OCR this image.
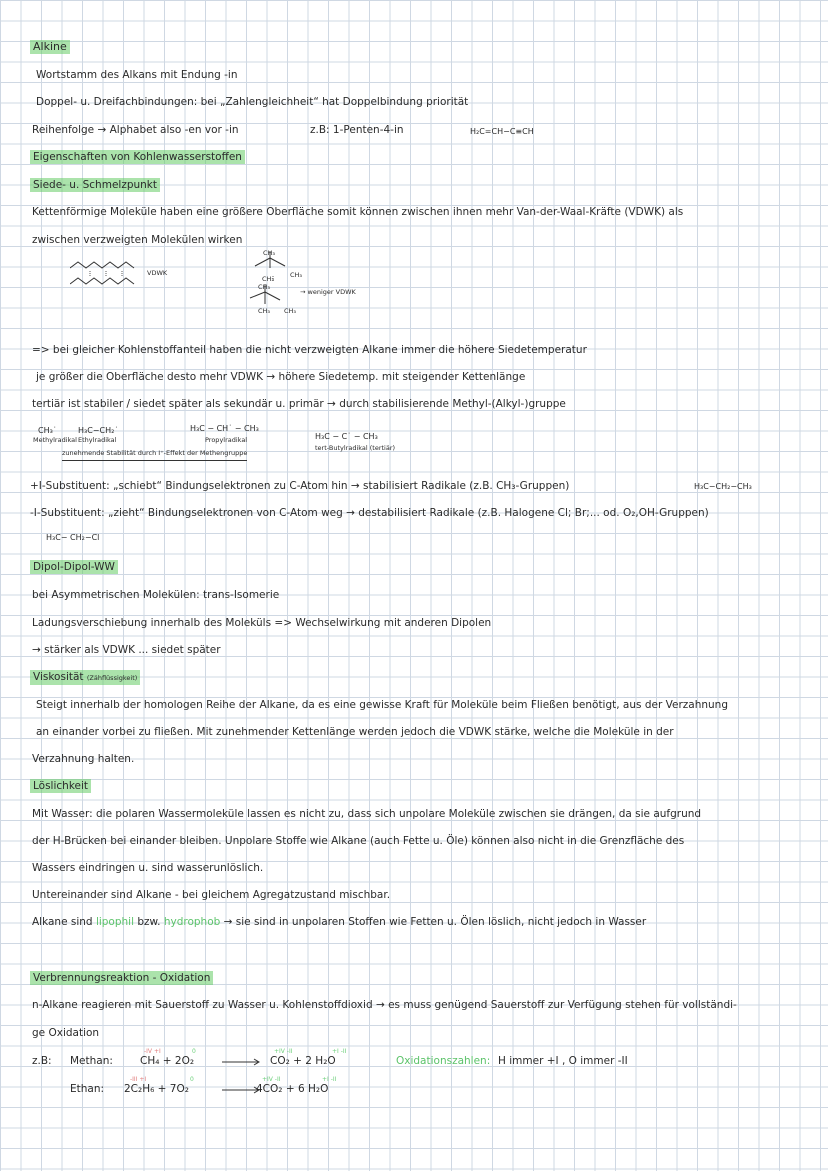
Alkine
Wortstamm des Alkans mit Endung -in
Doppel- u. Dreifachbindungen: bei „Zahlengleichheit“ hat Doppelbindung priorität
Reihenfolge → Alphabet also -en vor -in	z.B: 1-Penten-4-in	H₂C=CH−C≡CH
Eigenschaften von Kohlenwasserstoffen
Siede- u. Schmelzpunkt
Kettenförmige Moleküle haben eine größere Oberfläche somit können zwischen ihnen mehr Van-der-Waal-Kräfte (VDWK) als
zwischen verzweigten Molekülen wirken
VDWK
CH₃
CH₃
CH₃
CH₃
CH₃ CH₃
→ weniger VDWK
=> bei gleicher Kohlenstoffanteil haben die nicht verzweigten Alkane immer die höhere Siedetemperatur
je größer die Oberfläche desto mehr VDWK → höhere Siedetemp. mit steigender Kettenlänge
tertiär ist stabiler / siedet später als sekundär u. primär → durch stabilisierende Methyl-(Alkyl-)gruppe
CH₃˙
Methylradikal
H₃C−CH₂˙
Ethylradikal
H₃C − CH˙ − CH₃
Propylradikal	H₃C − C˙ − CH₃
tert-Butylradikal (tertiär)
zunehmende Stabilität durch I⁺-Effekt der Methengruppe
+I-Substituent: „schiebt“ Bindungselektronen zu C-Atom hin → stabilisiert Radikale (z.B. CH₃-Gruppen)	H₃C−CH₂−CH₃
-I-Substituent: „zieht“ Bindungselektronen von C-Atom weg → destabilisiert Radikale (z.B. Halogene Cl; Br;... od. O₂,OH-Gruppen)
H₃C− CH₂−Cl
Dipol-Dipol-WW
bei Asymmetrischen Molekülen: trans-Isomerie
Ladungsverschiebung innerhalb des Moleküls => Wechselwirkung mit anderen Dipolen
→ stärker als VDWK ... siedet später
Viskosität (Zähflüssigkeit)
Steigt innerhalb der homologen Reihe der Alkane, da es eine gewisse Kraft für Moleküle beim Fließen benötigt, aus der Verzahnung
an einander vorbei zu fließen. Mit zunehmender Kettenlänge werden jedoch die VDWK stärke, welche die Moleküle in der
Verzahnung halten.
Löslichkeit
Mit Wasser: die polaren Wassermoleküle lassen es nicht zu, dass sich unpolare Moleküle zwischen sie drängen, da sie aufgrund
der H-Brücken bei einander bleiben. Unpolare Stoffe wie Alkane (auch Fette u. Öle) können also nicht in die Grenzfläche des
Wassers eindringen u. sind wasserunlöslich.
Untereinander sind Alkane - bei gleichem Agregatzustand mischbar.
Alkane sind lipophil bzw. hydrophob → sie sind in unpolaren Stoffen wie Fetten u. Ölen löslich, nicht jedoch in Wasser
Verbrennungsreaktion - Oxidation
n-Alkane reagieren mit Sauerstoff zu Wasser u. Kohlenstoffdioxid → es muss genügend Sauerstoff zur Verfügung stehen für vollständi-
ge Oxidation
z.B: Methan:	CH₄ + 2O₂	CO₂ + 2 H₂O
-IV +I	0	+IV -II	+I -II
Oxidationszahlen: H immer +I , O immer -II
Ethan: 2C₂H₆ + 7O₂	4CO₂ + 6 H₂O
-III +I	0	+IV -II	+I -II
